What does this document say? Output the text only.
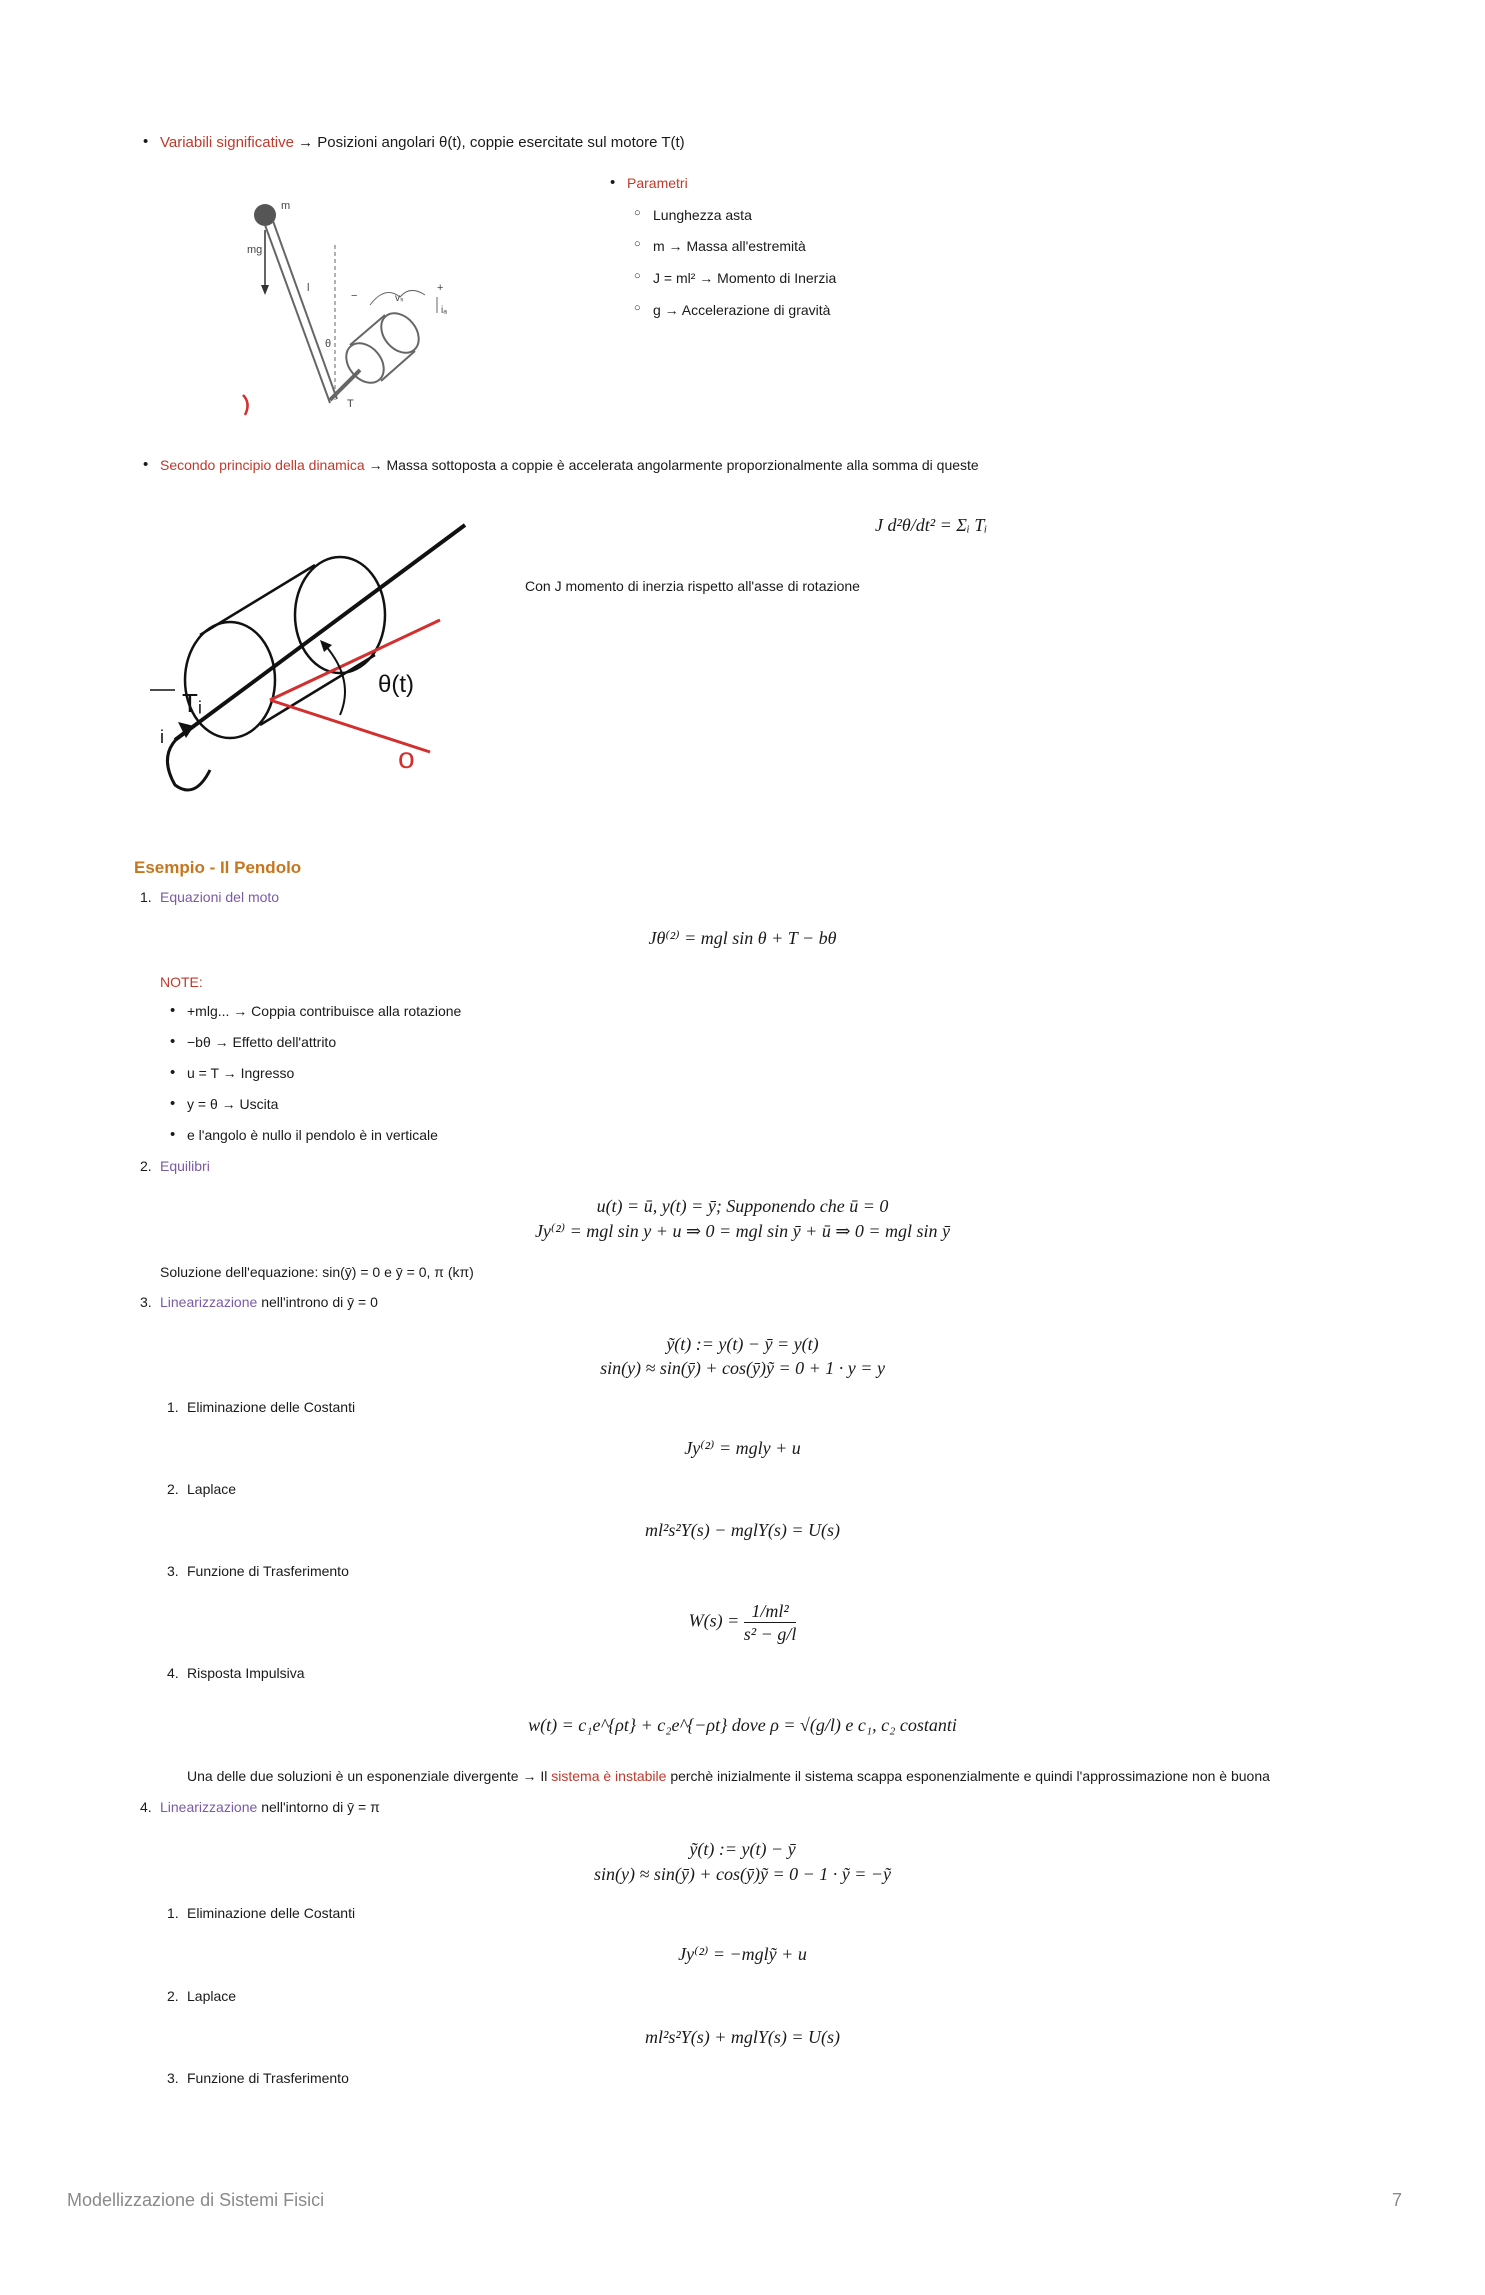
• Variabili significative → Posizioni angolari θ(t), coppie esercitate sul motore T(t)
m
mg
l
θ
T
vₛ
+
−
iₐ
• Parametri
○ Lunghezza asta
○ m → Massa all'estremità
○ J = ml² → Momento di Inerzia
○ g → Accelerazione di gravità
• Secondo principio della dinamica → Massa sottoposta a coppie è accelerata angolarmente proporzionalmente alla somma di queste
Tᵢ
i
θ(t)
o
J d²θ/dt² = Σᵢ Tᵢ
Con J momento di inerzia rispetto all'asse di rotazione
Esempio - Il Pendolo
1. Equazioni del moto
Jθ⁽²⁾ = mgl sin θ + T − bθ
NOTE:
• +mlg... → Coppia contribuisce alla rotazione
• −bθ → Effetto dell'attrito
• u = T → Ingresso
• y = θ → Uscita
• e l'angolo è nullo il pendolo è in verticale
2. Equilibri
u(t) = ū, y(t) = ȳ; Supponendo che ū = 0
Jy⁽²⁾ = mgl sin y + u ⇒ 0 = mgl sin ȳ + ū ⇒ 0 = mgl sin ȳ
Soluzione dell'equazione: sin(ȳ) = 0 e ȳ = 0, π (kπ)
3. Linearizzazione nell'introno di ȳ = 0
ỹ(t) := y(t) − ȳ = y(t)
sin(y) ≈ sin(ȳ) + cos(ȳ)ỹ = 0 + 1 · y = y
1. Eliminazione delle Costanti
Jy⁽²⁾ = mgly + u
2. Laplace
ml²s²Y(s) − mglY(s) = U(s)
3. Funzione di Trasferimento
$W(s) = \frac{\text{1/ml²}}{\text{s² − g/l}}$
4. Risposta Impulsiva
w(t) = c₁e^{ρt} + c₂e^{−ρt} dove ρ = √(g/l) e c₁, c₂ costanti
Una delle due soluzioni è un esponenziale divergente → Il sistema è instabile perchè inizialmente il sistema scappa esponenzialmente e quindi l'approssimazione non è buona
4. Linearizzazione nell'intorno di ȳ = π
ỹ(t) := y(t) − ȳ
sin(y) ≈ sin(ȳ) + cos(ȳ)ỹ = 0 − 1 · ỹ = −ỹ
1. Eliminazione delle Costanti
Jy⁽²⁾ = −mglỹ + u
2. Laplace
ml²s²Y(s) + mglY(s) = U(s)
3. Funzione di Trasferimento
Modellizzazione di Sistemi Fisici	7
